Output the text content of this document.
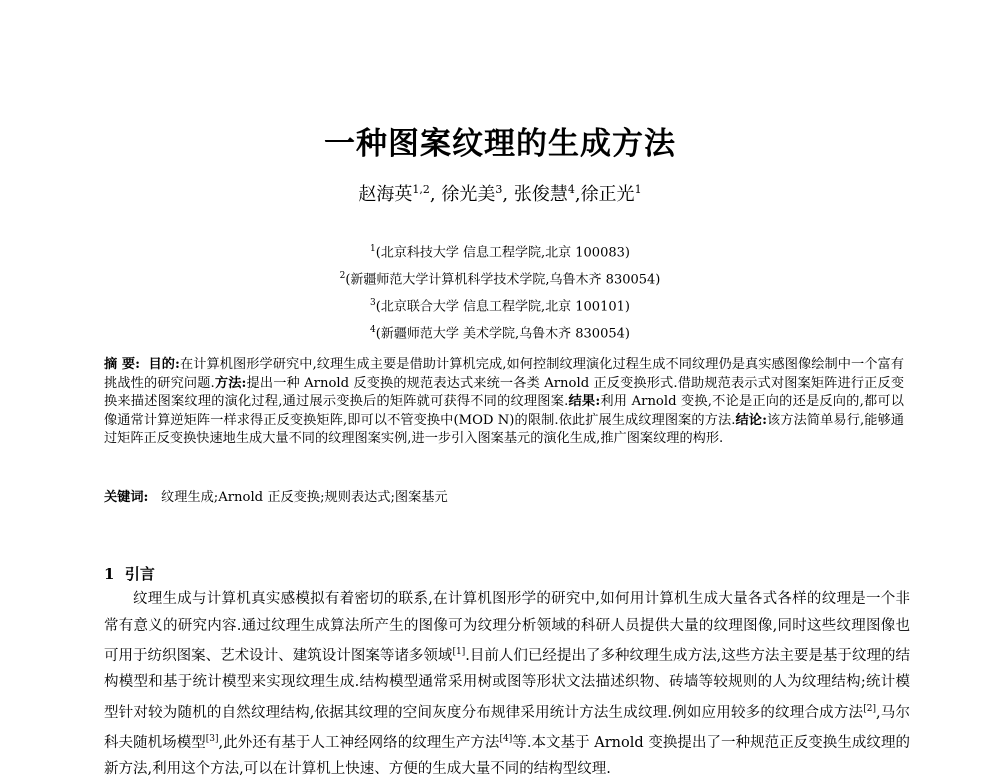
一种图案纹理的生成方法
赵海英$^{1,2}$, 徐光美$^3$, 张俊慧$^4$,徐正光$^1$
$^1$(北京科技大学 信息工程学院,北京 100083)
$^2$(新疆师范大学计算机科学技术学院,乌鲁木齐 830054)
$^3$(北京联合大学 信息工程学院,北京 100101)
$^4$(新疆师范大学 美术学院,乌鲁木齐 830054)
摘 要: 目的:在计算机图形学研究中,纹理生成主要是借助计算机完成,如何控制纹理演化过程生成不同纹理仍是真实感图像绘制中一个富有挑战性的研究问题.方法:提出一种 Arnold 反变换的规范表达式来统一各类 Arnold 正反变换形式.借助规范表示式对图案矩阵进行正反变换来描述图案纹理的演化过程,通过展示变换后的矩阵就可获得不同的纹理图案.结果:利用 Arnold 变换,不论是正向的还是反向的,都可以像通常计算逆矩阵一样求得正反变换矩阵,即可以不管变换中(MOD N)的限制.依此扩展生成纹理图案的方法.结论:该方法简单易行,能够通过矩阵正反变换快速地生成大量不同的纹理图案实例,进一步引入图案基元的演化生成,推广图案纹理的构形.
关键词: 纹理生成;Arnold 正反变换;规则表达式;图案基元
1 引言

纹理生成与计算机真实感模拟有着密切的联系,在计算机图形学的研究中,如何用计算机生成大量各式各样的纹理是一个非常有意义的研究内容.通过纹理生成算法所产生的图像可为纹理分析领域的科研人员提供大量的纹理图像,同时这些纹理图像也可用于纺织图案、艺术设计、建筑设计图案等诸多领域[1].目前人们已经提出了多种纹理生成方法,这些方法主要是基于纹理的结构模型和基于统计模型来实现纹理生成.结构模型通常采用树或图等形状文法描述织物、砖墙等较规则的人为纹理结构;统计模型针对较为随机的自然纹理结构,依据其纹理的空间灰度分布规律采用统计方法生成纹理.例如应用较多的纹理合成方法[2],马尔科夫随机场模型[3],此外还有基于人工神经网络的纹理生产方法[4]等.本文基于 Arnold 变换提出了一种规范正反变换生成纹理的新方法,利用这个方法,可以在计算机上快速、方便的生成大量不同的结构型纹理.
